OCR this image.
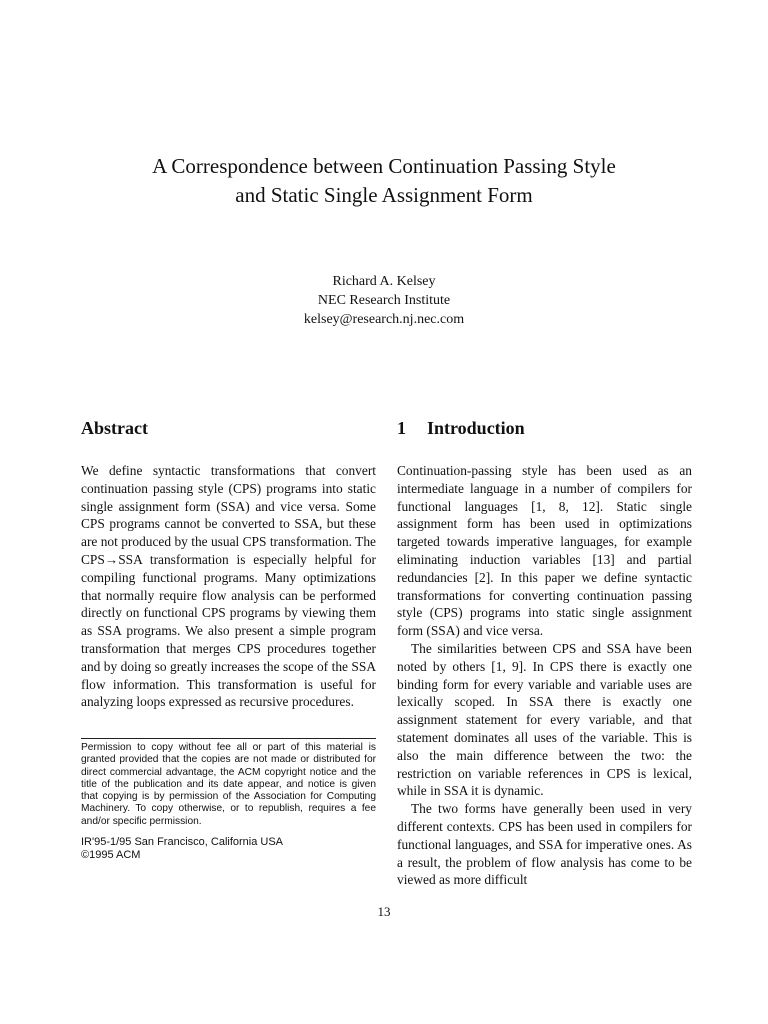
A Correspondence between Continuation Passing Style
and Static Single Assignment Form
Richard A. Kelsey
NEC Research Institute
kelsey@research.nj.nec.com
Abstract

We define syntactic transformations that convert continuation passing style (CPS) programs into static single assignment form (SSA) and vice versa. Some CPS programs cannot be converted to SSA, but these are not produced by the usual CPS transformation. The CPS→SSA transformation is especially helpful for compiling functional programs. Many optimizations that normally require flow analysis can be performed directly on functional CPS programs by viewing them as SSA programs. We also present a simple program transformation that merges CPS procedures together and by doing so greatly increases the scope of the SSA flow information. This transformation is useful for analyzing loops expressed as recursive procedures.

Permission to copy without fee all or part of this material is granted provided that the copies are not made or distributed for direct commercial advantage, the ACM copyright notice and the title of the publication and its date appear, and notice is given that copying is by permission of the Association for Computing Machinery. To copy otherwise, or to republish, requires a fee and/or specific permission.
IR'95-1/95 San Francisco, California USA
©1995 ACM
1 Introduction

Continuation-passing style has been used as an intermediate language in a number of compilers for functional languages [1, 8, 12]. Static single assignment form has been used in optimizations targeted towards imperative languages, for example eliminating induction variables [13] and partial redundancies [2]. In this paper we define syntactic transformations for converting continuation passing style (CPS) programs into static single assignment form (SSA) and vice versa.

The similarities between CPS and SSA have been noted by others [1, 9]. In CPS there is exactly one binding form for every variable and variable uses are lexically scoped. In SSA there is exactly one assignment statement for every variable, and that statement dominates all uses of the variable. This is also the main difference between the two: the restriction on variable references in CPS is lexical, while in SSA it is dynamic.

The two forms have generally been used in very different contexts. CPS has been used in compilers for functional languages, and SSA for imperative ones. As a result, the problem of flow analysis has come to be viewed as more difficult

13
